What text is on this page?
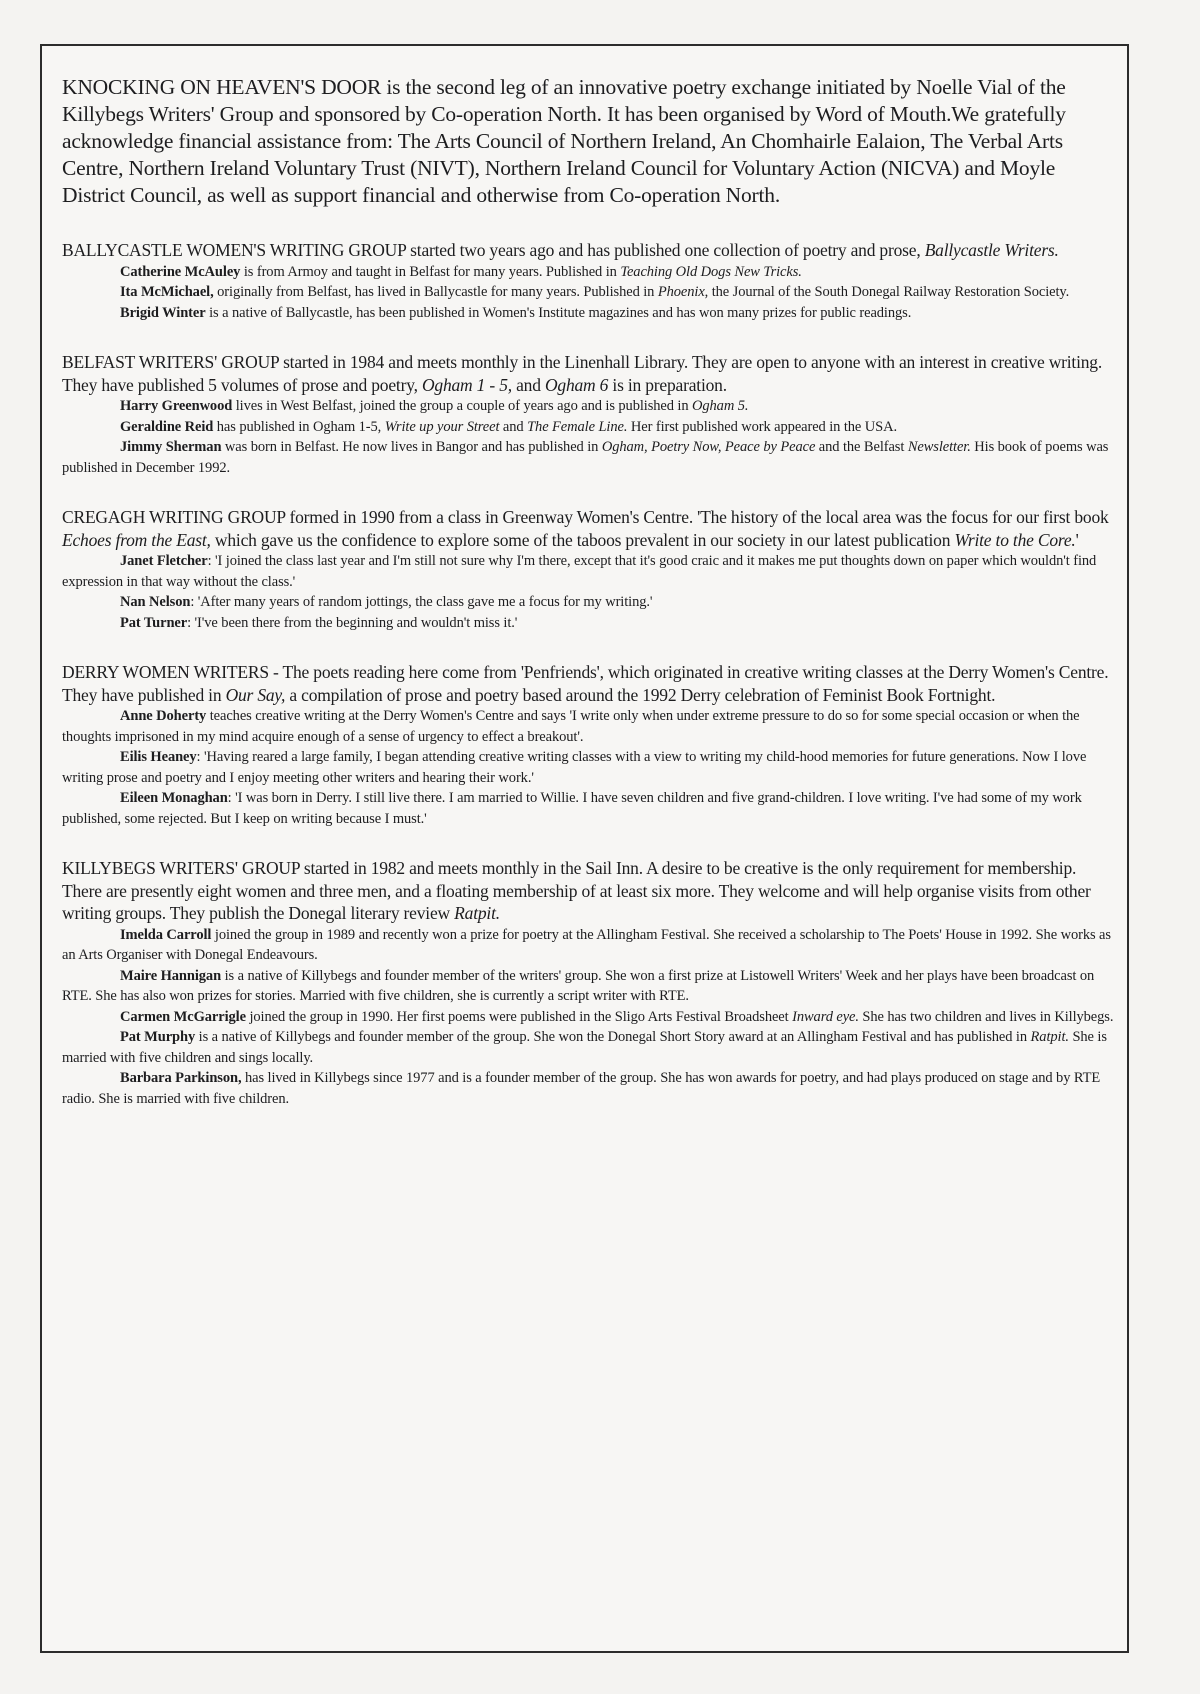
KNOCKING ON HEAVEN'S DOOR is the second leg of an innovative poetry exchange initiated by Noelle Vial of the Killybegs Writers' Group and sponsored by Co-operation North. It has been organised by Word of Mouth.We gratefully acknowledge financial assistance from: The Arts Council of Northern Ireland, An Chomhairle Ealaion, The Verbal Arts Centre, Northern Ireland Voluntary Trust (NIVT), Northern Ireland Council for Voluntary Action (NICVA) and Moyle District Council, as well as support financial and otherwise from Co-operation North.

BALLYCASTLE WOMEN'S WRITING GROUP started two years ago and has published one collection of poetry and prose, Ballycastle Writers.

Catherine McAuley is from Armoy and taught in Belfast for many years. Published in Teaching Old Dogs New Tricks.

Ita McMichael, originally from Belfast, has lived in Ballycastle for many years. Published in Phoenix, the Journal of the South Donegal Railway Restoration Society.

Brigid Winter is a native of Ballycastle, has been published in Women's Institute magazines and has won many prizes for public readings.

BELFAST WRITERS' GROUP started in 1984 and meets monthly in the Linenhall Library. They are open to anyone with an interest in creative writing. They have published 5 volumes of prose and poetry, Ogham 1 - 5, and Ogham 6 is in preparation.

Harry Greenwood lives in West Belfast, joined the group a couple of years ago and is published in Ogham 5.

Geraldine Reid has published in Ogham 1-5, Write up your Street and The Female Line. Her first published work appeared in the USA.

Jimmy Sherman was born in Belfast. He now lives in Bangor and has published in Ogham, Poetry Now, Peace by Peace and the Belfast Newsletter. His book of poems was published in December 1992.

CREGAGH WRITING GROUP formed in 1990 from a class in Greenway Women's Centre. 'The history of the local area was the focus for our first book Echoes from the East, which gave us the confidence to explore some of the taboos prevalent in our society in our latest publication Write to the Core.'

Janet Fletcher: 'I joined the class last year and I'm still not sure why I'm there, except that it's good craic and it makes me put thoughts down on paper which wouldn't find expression in that way without the class.'

Nan Nelson: 'After many years of random jottings, the class gave me a focus for my writing.'

Pat Turner: 'I've been there from the beginning and wouldn't miss it.'

DERRY WOMEN WRITERS - The poets reading here come from 'Penfriends', which originated in creative writing classes at the Derry Women's Centre. They have published in Our Say, a compilation of prose and poetry based around the 1992 Derry celebration of Feminist Book Fortnight.

Anne Doherty teaches creative writing at the Derry Women's Centre and says 'I write only when under extreme pressure to do so for some special occasion or when the thoughts imprisoned in my mind acquire enough of a sense of urgency to effect a breakout'.

Eilis Heaney: 'Having reared a large family, I began attending creative writing classes with a view to writing my child-hood memories for future generations. Now I love writing prose and poetry and I enjoy meeting other writers and hearing their work.'

Eileen Monaghan: 'I was born in Derry. I still live there. I am married to Willie. I have seven children and five grand-children. I love writing. I've had some of my work published, some rejected. But I keep on writing because I must.'

KILLYBEGS WRITERS' GROUP started in 1982 and meets monthly in the Sail Inn. A desire to be creative is the only requirement for membership. There are presently eight women and three men, and a floating membership of at least six more. They welcome and will help organise visits from other writing groups. They publish the Donegal literary review Ratpit.

Imelda Carroll joined the group in 1989 and recently won a prize for poetry at the Allingham Festival. She received a scholarship to The Poets' House in 1992. She works as an Arts Organiser with Donegal Endeavours.

Maire Hannigan is a native of Killybegs and founder member of the writers' group. She won a first prize at Listowell Writers' Week and her plays have been broadcast on RTE. She has also won prizes for stories. Married with five children, she is currently a script writer with RTE.

Carmen McGarrigle joined the group in 1990. Her first poems were published in the Sligo Arts Festival Broadsheet Inward eye. She has two children and lives in Killybegs.

Pat Murphy is a native of Killybegs and founder member of the group. She won the Donegal Short Story award at an Allingham Festival and has published in Ratpit. She is married with five children and sings locally.

Barbara Parkinson, has lived in Killybegs since 1977 and is a founder member of the group. She has won awards for poetry, and had plays produced on stage and by RTE radio. She is married with five children.
